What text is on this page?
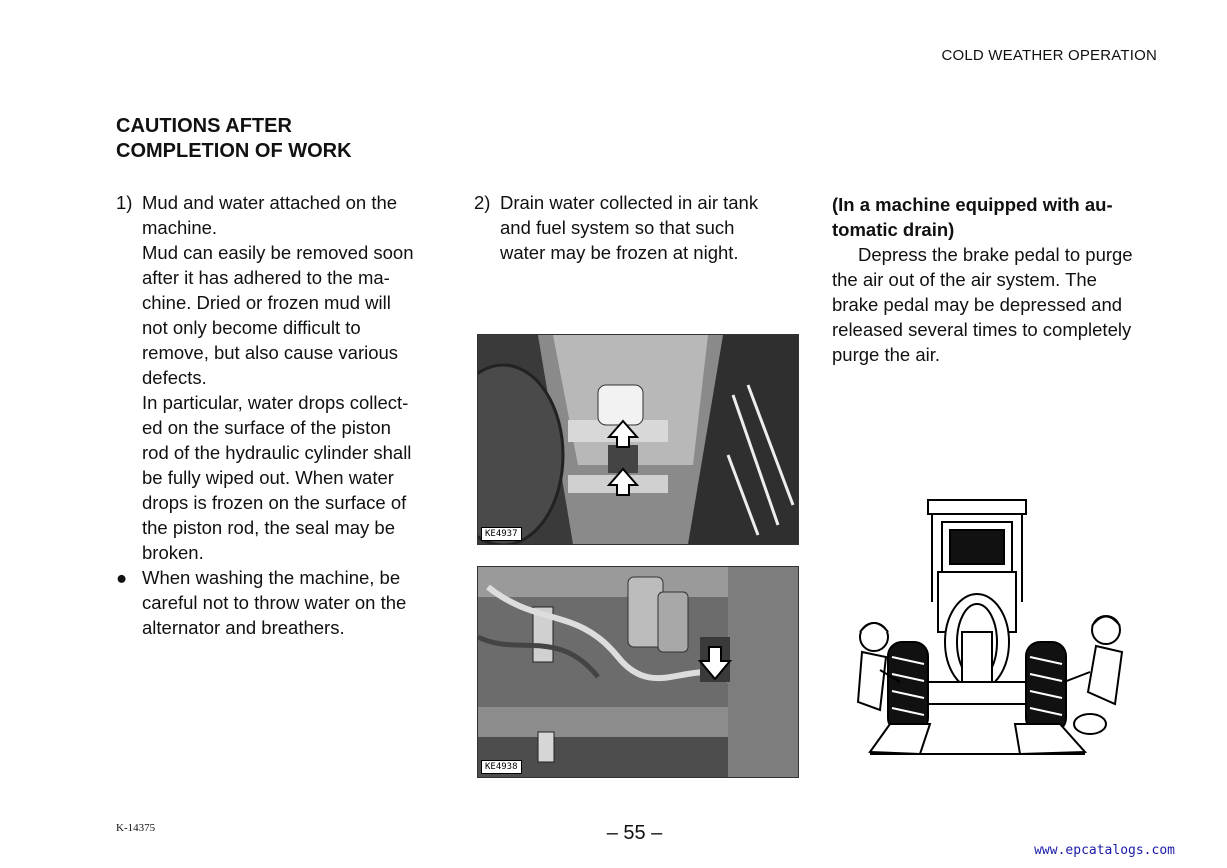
COLD WEATHER OPERATION
CAUTIONS AFTER
COMPLETION OF WORK
1) Mud and water attached on the

machine.

Mud can easily be removed soon

after it has adhered to the ma-

chine. Dried or frozen mud will

not only become difficult to

remove, but also cause various

defects.

In particular, water drops collect-

ed on the surface of the piston

rod of the hydraulic cylinder shall

be fully wiped out. When water

drops is frozen on the surface of

the piston rod, the seal may be

broken.

● When washing the machine, be

careful not to throw water on the

alternator and breathers.

2) Drain water collected in air tank

and fuel system so that such

water may be frozen at night.

KE4937
KE4938

(In a machine equipped with au-

tomatic drain)

Depress the brake pedal to purge

the air out of the air system. The

brake pedal may be depressed and

released several times to completely

purge the air.

K-14375	– 55 –
www.epcatalogs.com
